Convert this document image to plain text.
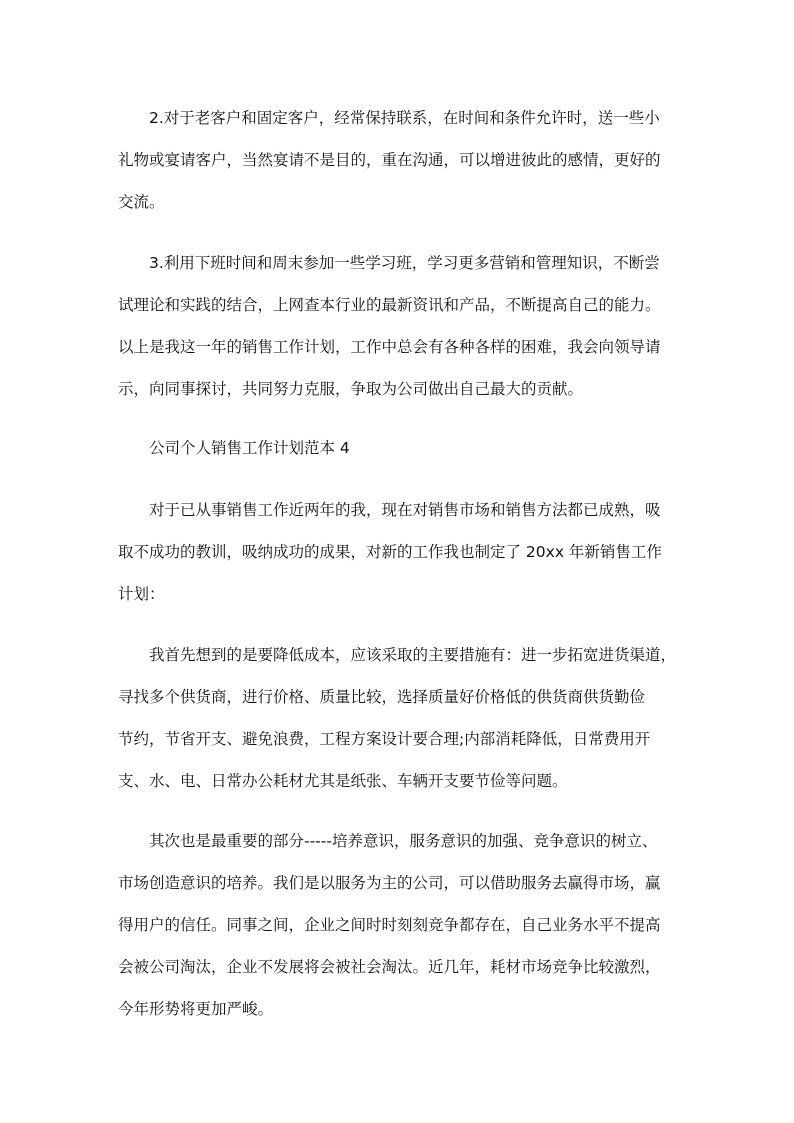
2.对于老客户和固定客户，经常保持联系，在时间和条件允许时，送一些小
礼物或宴请客户，当然宴请不是目的，重在沟通，可以增进彼此的感情，更好的
交流。
3.利用下班时间和周末参加一些学习班，学习更多营销和管理知识，不断尝
试理论和实践的结合，上网查本行业的最新资讯和产品，不断提高自己的能力。
以上是我这一年的销售工作计划，工作中总会有各种各样的困难，我会向领导请
示，向同事探讨，共同努力克服，争取为公司做出自己最大的贡献。
公司个人销售工作计划范本 4
对于已从事销售工作近两年的我，现在对销售市场和销售方法都已成熟，吸
取不成功的教训，吸纳成功的成果，对新的工作我也制定了 20xx 年新销售工作
计划：
我首先想到的是要降低成本，应该采取的主要措施有：进一步拓宽进货渠道，
寻找多个供货商，进行价格、质量比较，选择质量好价格低的供货商供货勤俭
节约，节省开支、避免浪费，工程方案设计要合理;内部消耗降低，日常费用开
支、水、电、日常办公耗材尤其是纸张、车辆开支要节俭等问题。
其次也是最重要的部分-----培养意识，服务意识的加强、竞争意识的树立、
市场创造意识的培养。我们是以服务为主的公司，可以借助服务去赢得市场，赢
得用户的信任。同事之间，企业之间时时刻刻竞争都存在，自己业务水平不提高
会被公司淘汰，企业不发展将会被社会淘汰。近几年，耗材市场竞争比较激烈，
今年形势将更加严峻。
